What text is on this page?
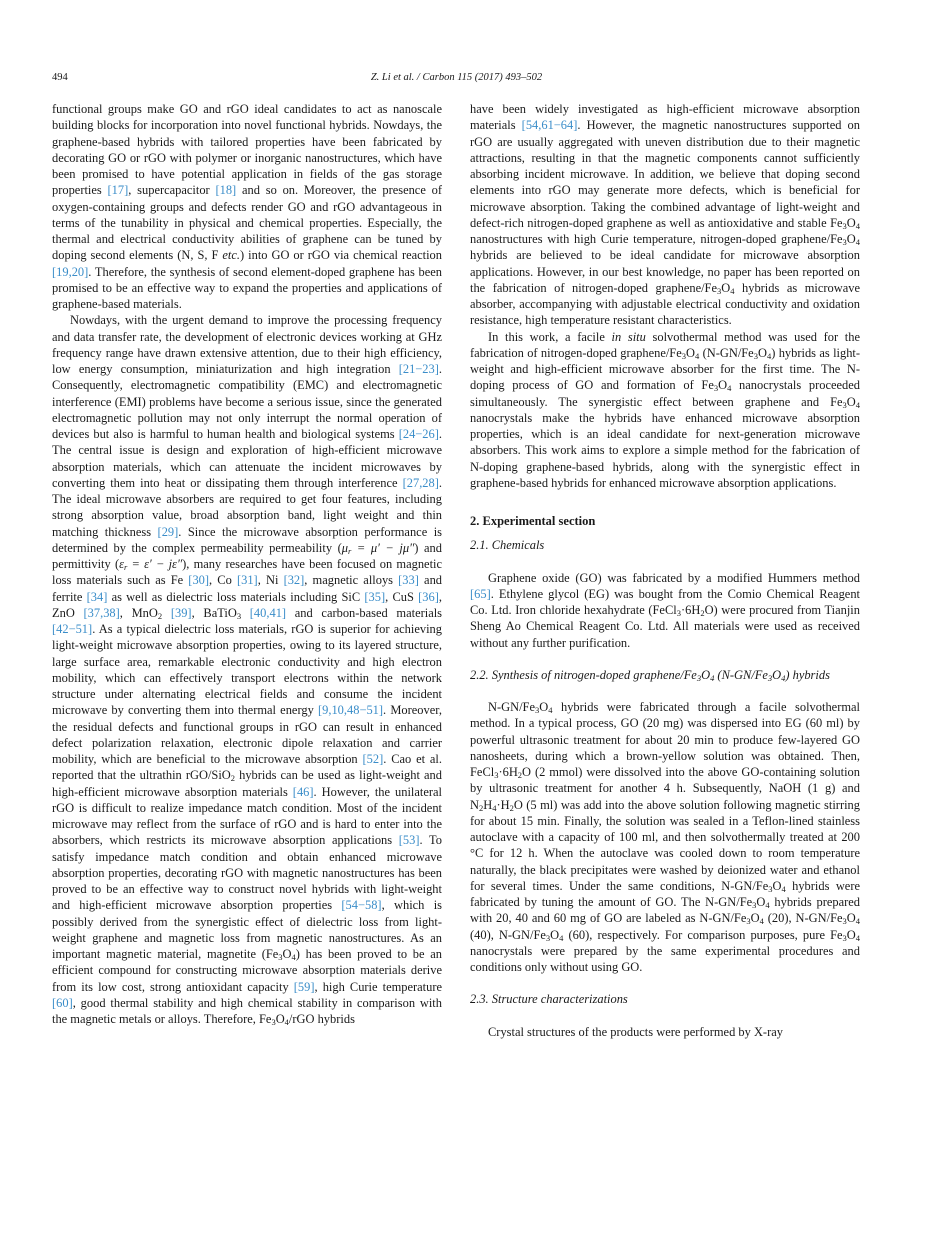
494	Z. Li et al. / Carbon 115 (2017) 493–502

functional groups make GO and rGO ideal candidates to act as nanoscale building blocks for incorporation into novel functional hybrids. Nowdays, the graphene-based hybrids with tailored properties have been fabricated by decorating GO or rGO with polymer or inorganic nanostructures, which have been promised to have potential application in fields of the gas storage properties [17], supercapacitor [18] and so on. Moreover, the presence of oxygen-containing groups and defects render GO and rGO advantageous in terms of the tunability in physical and chemical properties. Especially, the thermal and electrical conductivity abilities of graphene can be tuned by doping second elements (N, S, F etc.) into GO or rGO via chemical reaction [19,20]. Therefore, the synthesis of second element-doped graphene has been promised to be an effective way to expand the properties and applications of graphene-based materials.

Nowdays, with the urgent demand to improve the processing frequency and data transfer rate, the development of electronic devices working at GHz frequency range have drawn extensive attention, due to their high efficiency, low energy consumption, miniaturization and high integration [21−23]. Consequently, electromagnetic compatibility (EMC) and electromagnetic interference (EMI) problems have become a serious issue, since the generated electromagnetic pollution may not only interrupt the normal operation of devices but also is harmful to human health and biological systems [24−26]. The central issue is design and exploration of high-efficient microwave absorption materials, which can attenuate the incident microwaves by converting them into heat or dissipating them through interference [27,28]. The ideal microwave absorbers are required to get four features, including strong absorption value, broad absorption band, light weight and thin matching thickness [29]. Since the microwave absorption performance is determined by the complex permeability permeability $(\mu_r = \mu' - j\mu'')$ and permittivity $(\varepsilon_r = \varepsilon' - j\varepsilon'')$, many researches have been focused on magnetic loss materials such as Fe [30], Co [31], Ni [32], magnetic alloys [33] and ferrite [34] as well as dielectric loss materials including SiC [35], CuS [36], ZnO [37,38], MnO$_2$ [39], BaTiO$_3$ [40,41] and carbon-based materials [42−51]. As a typical dielectric loss materials, rGO is superior for achieving light-weight microwave absorption properties, owing to its layered structure, large surface area, remarkable electronic conductivity and high electron mobility, which can effectively transport electrons within the network structure under alternating electrical fields and consume the incident microwave by converting them into thermal energy [9,10,48−51]. Moreover, the residual defects and functional groups in rGO can result in enhanced defect polarization relaxation, electronic dipole relaxation and carrier mobility, which are beneficial to the microwave absorption [52]. Cao et al. reported that the ultrathin rGO/SiO$_2$ hybrids can be used as light-weight and high-efficient microwave absorption materials [46]. However, the unilateral rGO is difficult to realize impedance match condition. Most of the incident microwave may reflect from the surface of rGO and is hard to enter into the absorbers, which restricts its microwave absorption applications [53]. To satisfy impedance match condition and obtain enhanced microwave absorption properties, decorating rGO with magnetic nanostructures has been proved to be an effective way to construct novel hybrids with light-weight and high-efficient microwave absorption properties [54−58], which is possibly derived from the synergistic effect of dielectric loss from light-weight graphene and magnetic loss from magnetic nanostructures. As an important magnetic material, magnetite $(Fe_3O_4)$ has been proved to be an efficient compound for constructing microwave absorption materials derive from its low cost, strong antioxidant capacity [59], high Curie temperature [60], good thermal stability and high chemical stability in comparison with the magnetic metals or alloys. Therefore, $Fe_3O_4$/rGO hybrids

have been widely investigated as high-efficient microwave absorption materials [54,61−64]. However, the magnetic nanostructures supported on rGO are usually aggregated with uneven distribution due to their magnetic attractions, resulting in that the magnetic components cannot sufficiently absorbing incident microwave. In addition, we believe that doping second elements into rGO may generate more defects, which is beneficial for microwave absorption. Taking the combined advantage of light-weight and defect-rich nitrogen-doped graphene as well as antioxidative and stable $Fe_3O_4$ nanostructures with high Curie temperature, nitrogen-doped graphene/$Fe_3O_4$ hybrids are believed to be ideal candidate for microwave absorption applications. However, in our best knowledge, no paper has been reported on the fabrication of nitrogen-doped graphene/$Fe_3O_4$ hybrids as microwave absorber, accompanying with adjustable electrical conductivity and oxidation resistance, high temperature resistant characteristics.

In this work, a facile in situ solvothermal method was used for the fabrication of nitrogen-doped graphene/$Fe_3O_4$ $(N-GN/Fe_3O_4)$ hybrids as light-weight and high-efficient microwave absorber for the first time. The N-doping process of GO and formation of $Fe_3O_4$ nanocrystals proceeded simultaneously. The synergistic effect between graphene and $Fe_3O_4$ nanocrystals make the hybrids have enhanced microwave absorption properties, which is an ideal candidate for next-generation microwave absorbers. This work aims to explore a simple method for the fabrication of N-doping graphene-based hybrids, along with the synergistic effect in graphene-based hybrids for enhanced microwave absorption applications.

2. Experimental section

2.1. Chemicals

Graphene oxide (GO) was fabricated by a modified Hummers method [65]. Ethylene glycol (EG) was bought from the Comio Chemical Reagent Co. Ltd. Iron chloride hexahydrate $(FeCl_3\cdot 6H_2O)$ were procured from Tianjin Sheng Ao Chemical Reagent Co. Ltd. All materials were used as received without any further purification.

2.2. Synthesis of nitrogen-doped graphene/$Fe_3O_4$ $(N-GN/Fe_3O_4)$ hybrids

$N-GN/Fe_3O_4$ hybrids were fabricated through a facile solvothermal method. In a typical process, GO (20 mg) was dispersed into EG (60 ml) by powerful ultrasonic treatment for about 20 min to produce few-layered GO nanosheets, during which a brown-yellow solution was obtained. Then, $FeCl_3\cdot 6H_2O$ (2 mmol) were dissolved into the above GO-containing solution by ultrasonic treatment for another 4 h. Subsequently, NaOH (1 g) and $N_2H_4\cdot H_2O$ (5 ml) was add into the above solution following magnetic stirring for about 15 min. Finally, the solution was sealed in a Teflon-lined stainless autoclave with a capacity of 100 ml, and then solvothermally treated at 200 °C for 12 h. When the autoclave was cooled down to room temperature naturally, the black precipitates were washed by deionized water and ethanol for several times. Under the same conditions, $N-GN/Fe_3O_4$ hybrids were fabricated by tuning the amount of GO. The $N-GN/Fe_3O_4$ hybrids prepared with 20, 40 and 60 mg of GO are labeled as $N-GN/Fe_3O_4$ (20), $N-GN/Fe_3O_4$ (40), $N-GN/Fe_3O_4$ (60), respectively. For comparison purposes, pure $Fe_3O_4$ nanocrystals were prepared by the same experimental procedures and conditions only without using GO.

2.3. Structure characterizations

Crystal structures of the products were performed by X-ray
